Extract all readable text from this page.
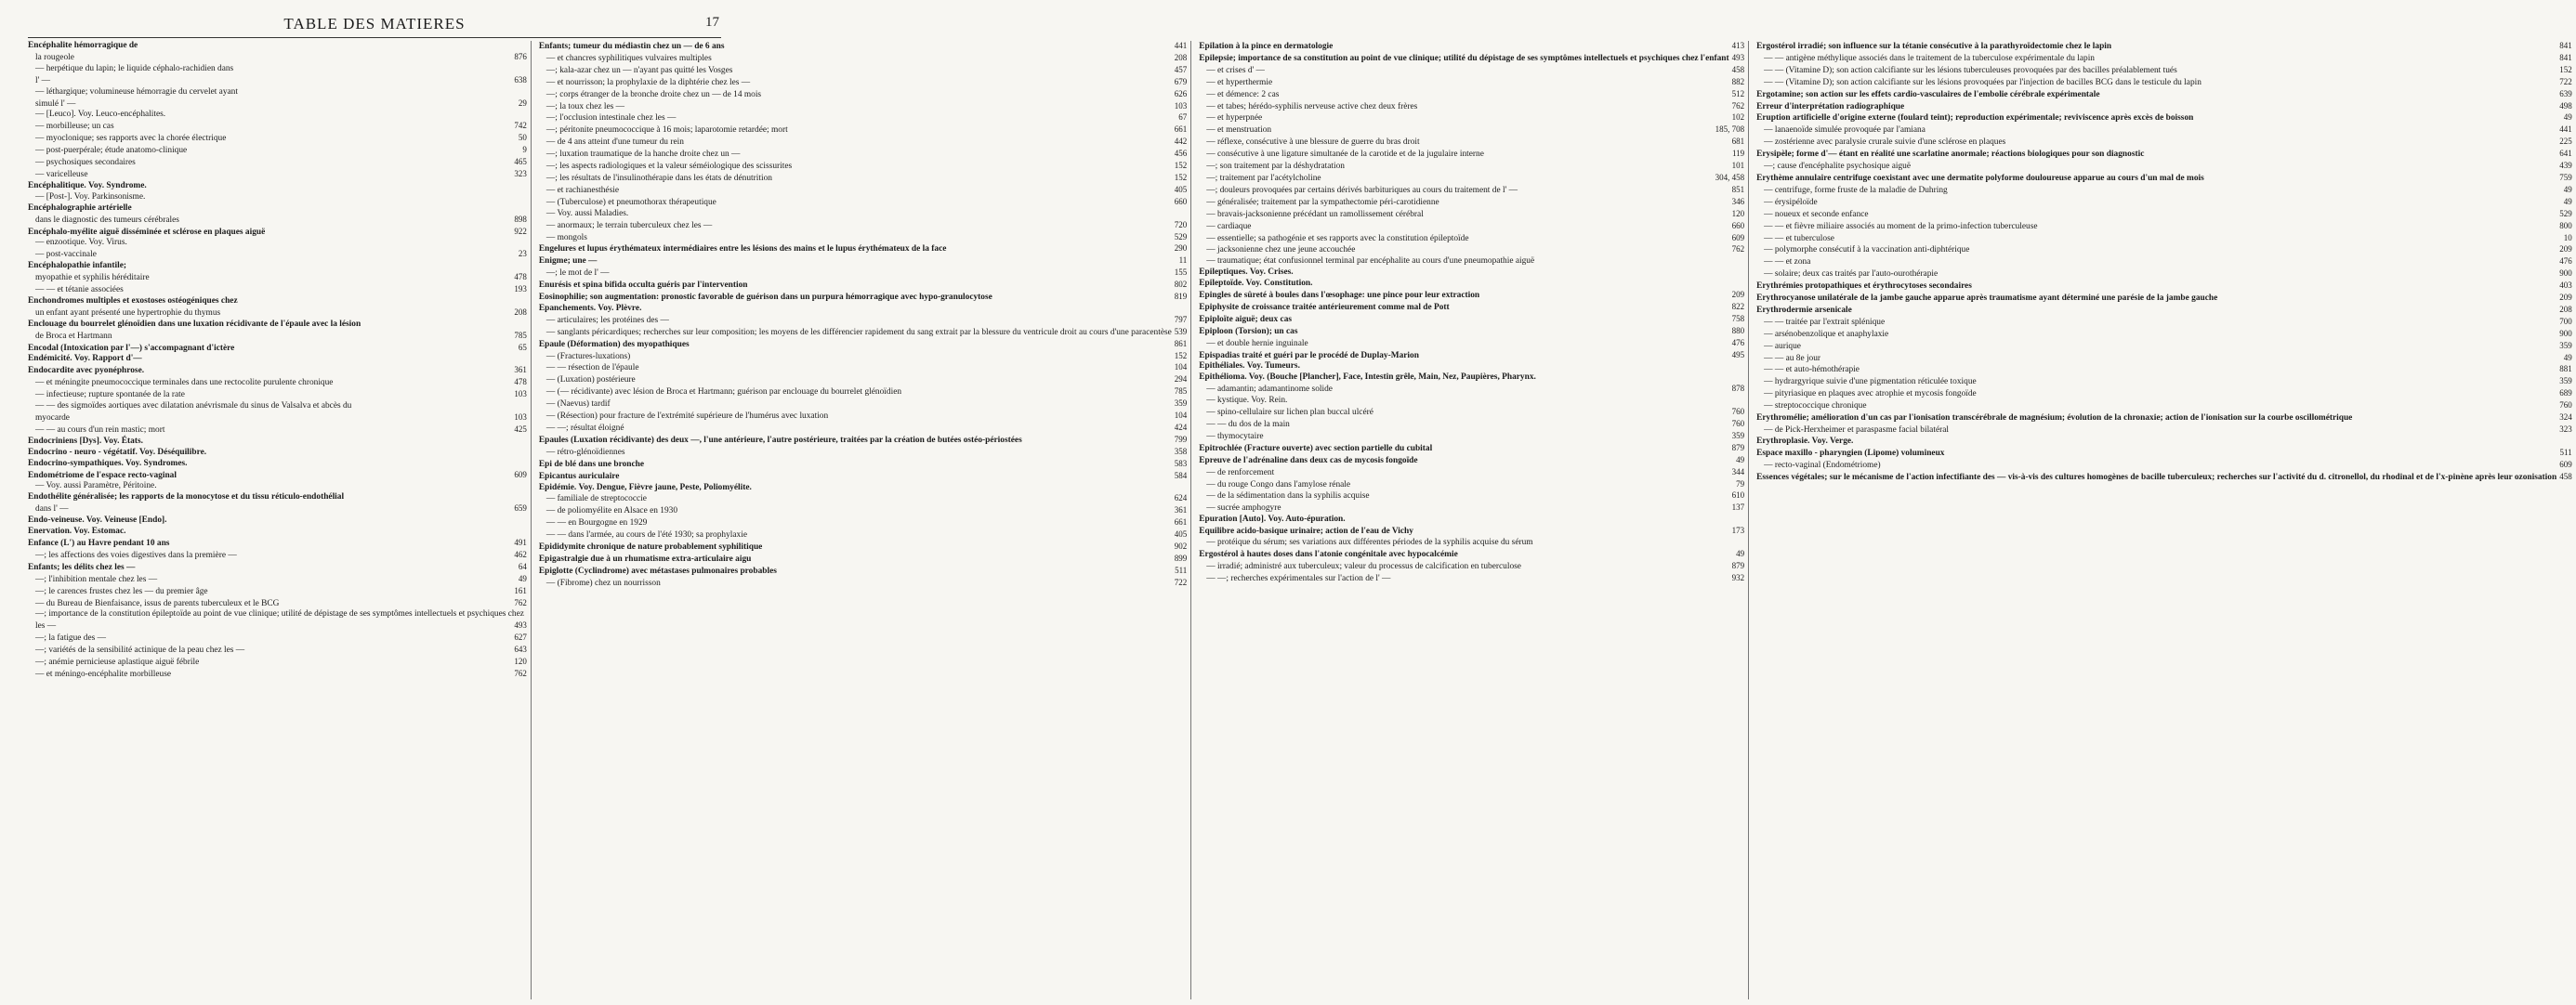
TABLE DES MATIERES	17
Encéphalite hémorragique de
la rougeole	876
— herpétique du lapin; le liquide céphalo-rachidien dans
l' —	638
— léthargique; volumineuse hémorragie du cervelet ayant
simulé l' —	29
— [Leuco]. Voy. Leuco-encéphalites.
— morbilleuse; un cas	742
— myoclonique; ses rapports avec la chorée électrique	50
— post-puerpérale; étude anatomo-clinique	9
— psychosiques secondaires	465
— varicelleuse	323
Encéphalitique. Voy. Syndrome.
— [Post-]. Voy. Parkinsonisme.
Encéphalographie artérielle
dans le diagnostic des tumeurs cérébrales	898
Encéphalo-myélite aiguë disséminée et sclérose en plaques aiguë	922
— enzootique. Voy. Virus.
— post-vaccinale	23
Encéphalopathie infantile;
myopathie et syphilis héréditaire	478
— — et tétanie associées	193
Enchondromes multiples et exostoses ostéogéniques chez
un enfant ayant présenté une hypertrophie du thymus	208
Enclouage du bourrelet glénoïdien dans une luxation récidivante de l'épaule avec la lésion
de Broca et Hartmann	785
Encodal (Intoxication par l'—) s'accompagnant d'ictère	65
Endémicité. Voy. Rapport d'—
Endocardite avec pyonéphrose.	361
— et méningite pneumococcique terminales dans une rectocolite purulente chronique	478
— infectieuse; rupture spontanée de la rate	103
— — des sigmoïdes aortiques avec dilatation anévrismale du sinus de Valsalva et abcès du
myocarde	103
— — au cours d'un rein mastic; mort	425
Endocriniens [Dys]. Voy. États.
Endocrino - neuro - végétatif. Voy. Déséquilibre.
Endocrino-sympathiques. Voy. Syndromes.
Endométriome de l'espace recto-vaginal	609
— Voy. aussi Paramètre, Péritoine.
Endothélite généralisée; les rapports de la monocytose et du tissu réticulo-endothélial
dans l' —	659
Endo-veineuse. Voy. Veineuse [Endo].
Enervation. Voy. Estomac.
Enfance (L') au Havre pendant 10 ans	491
—; les affections des voies digestives dans la première —	462
Enfants; les délits chez les —	64
—; l'inhibition mentale chez les —	49
—; le carences frustes chez les — du premier âge	161
— du Bureau de Bienfaisance, issus de parents tuberculeux et le BCG	762
—; importance de la constitution épileptoïde au point de vue clinique; utilité de dépistage de ses symptômes intellectuels et psychiques chez
les —	493
—; la fatigue des —	627
—; variétés de la sensibilité actinique de la peau chez les —	643
—; anémie pernicieuse aplastique aiguë fébrile	120
— et méningo-encéphalite morbilleuse	762
Enfants; tumeur du médiastin chez un — de 6 ans	441
— et chancres syphilitiques vulvaires multiples	208
—; kala-azar chez un — n'ayant pas quitté les Vosges	457
— et nourrisson; la prophylaxie de la diphtérie chez les —	679
—; corps étranger de la bronche droite chez un — de 14 mois	626
—; la toux chez les —	103
—; l'occlusion intestinale chez les —	67
—; péritonite pneumococcique à 16 mois; laparotomie retardée; mort	661
— de 4 ans atteint d'une tumeur du rein	442
—; luxation traumatique de la hanche droite chez un —	456
—; les aspects radiologiques et la valeur séméiologique des scissurites	152
—; les résultats de l'insulinothérapie dans les états de dénutrition	152
— et rachianesthésie	405
— (Tuberculose) et pneumothorax thérapeutique	660
— Voy. aussi Maladies.
— anormaux; le terrain tuberculeux chez les —	720
— mongols	529
Engelures et lupus érythémateux intermédiaires entre les lésions des mains et le lupus érythémateux de la face	290
Enigme; une —	11
—; le mot de l' —	155
Enurésis et spina bifida occulta guéris par l'intervention	802
Eosinophilie; son augmentation: pronostic favorable de guérison dans un purpura hémorragique avec hypo-granulocytose	819
Epanchements. Voy. Plèvre.
— articulaires; les protéines des —	797
— sanglants péricardiques; recherches sur leur composition; les moyens de les différencier rapidement du sang extrait par la blessure du ventricule droit au cours d'une paracentèse 539
Epaule (Déformation) des myopathiques	861
— (Fractures-luxations)	152
— — résection de l'épaule	104
— (Luxation) postérieure	294
— (— récidivante) avec lésion de Broca et Hartmann; guérison par enclouage du bourrelet glénoïdien	785
— (Naevus) tardif	359
— (Résection) pour fracture de l'extrémité supérieure de l'humérus avec luxation	104
— —; résultat éloigné	424
Epaules (Luxation récidivante) des deux —, l'une antérieure, l'autre postérieure, traitées par la création de butées ostéo-périostées	799
— rétro-glénoïdiennes	358
Epi de blé dans une bronche	583
Epicantus auriculaire	584
Epidémie. Voy. Dengue, Fièvre jaune, Peste, Poliomyélite.
— familiale de streptococcie	624
— de poliomyélite en Alsace en 1930	361
— — en Bourgogne en 1929	661
— — dans l'armée, au cours de l'été 1930; sa prophylaxie	405
Epididymite chronique de nature probablement syphilitique	902
Epigastralgie due à un rhumatisme extra-articulaire aigu	899
Epiglotte (Cyclindrome) avec métastases pulmonaires probables	511
— (Fibrome) chez un nourrisson	722
Epilation à la pince en dermatologie	413
Epilepsie; importance de sa constitution au point de vue clinique; utilité du dépistage de ses symptômes intellectuels et psychiques chez l'enfant 493
— et crises d' —	458
— et hyperthermie	882
— et démence: 2 cas	512
— et tabes; hérédo-syphilis nerveuse active chez deux frères	762
— et hyperpnée	102
— et menstruation	185, 708
— réflexe, consécutive à une blessure de guerre du bras droit	681
— consécutive à une ligature simultanée de la carotide et de la jugulaire interne	119
—; son traitement par la déshydratation	101
—; traitement par l'acétylcholine	304, 458
—; douleurs provoquées par certains dérivés barbituriques au cours du traitement de l' —	851
— généralisée; traitement par la sympathectomie péri-carotidienne	346
— bravais-jacksonienne précédant un ramollissement cérébral	120
— cardiaque	660
— essentielle; sa pathogénie et ses rapports avec la constitution épileptoïde	609
— jacksonienne chez une jeune accouchée	762
— traumatique; état confusionnel terminal par encéphalite au cours d'une pneumopathie aiguë
Epileptiques. Voy. Crises.
Epileptoïde. Voy. Constitution.
Epingles de sûreté à boules dans l'œsophage: une pince pour leur extraction	209
Epiphysite de croissance traitée antérieurement comme mal de Pott	822
Epiploïte aiguë; deux cas	758
Epiploon (Torsion); un cas	880
— et double hernie inguinale	476
Epispadias traité et guéri par le procédé de Duplay-Marion	495
Epithéliales. Voy. Tumeurs.
Epithélioma. Voy. (Bouche [Plancher], Face, Intestin grêle, Main, Nez, Paupières, Pharynx.
— adamantin; adamantinome solide	878
— kystique. Voy. Rein.
— spino-cellulaire sur lichen plan buccal ulcéré	760
— — du dos de la main	760
— thymocytaire	359
Epitrochlée (Fracture ouverte) avec section partielle du cubital	879
Epreuve de l'adrénaline dans deux cas de mycosis fongoïde	49
— de renforcement	344
— du rouge Congo dans l'amylose rénale	79
— de la sédimentation dans la syphilis acquise	610
— sucrée amphogyre	137
Epuration [Auto]. Voy. Auto-épuration.
Equilibre acido-basique urinaire; action de l'eau de Vichy	173
— protéique du sérum; ses variations aux différentes périodes de la syphilis acquise du sérum
Ergostérol à hautes doses dans l'atonie congénitale avec hypocalcémie	49
— irradié; administré aux tuberculeux; valeur du processus de calcification en tuberculose	879
— —; recherches expérimentales sur l'action de l' —	932
Ergostérol irradié; son influence sur la tétanie consécutive à la parathyroïdectomie chez le lapin	841
— — antigène méthylique associés dans le traitement de la tuberculose expérimentale du lapin	841
— — (Vitamine D); son action calcifiante sur les lésions tuberculeuses provoquées par des bacilles préalablement tués	152
— — (Vitamine D); son action calcifiante sur les lésions provoquées par l'injection de bacilles BCG dans le testicule du lapin	722
Ergotamine; son action sur les effets cardio-vasculaires de l'embolie cérébrale expérimentale	639
Erreur d'interprétation radiographique	498
Eruption artificielle d'origine externe (foulard teint); reproduction expérimentale; reviviscence après excès de boisson	49
— lanaenoïde simulée provoquée par l'amiana	441
— zostérienne avec paralysie crurale suivie d'une sclérose en plaques	225
Erysipèle; forme d'— étant en réalité une scarlatine anormale; réactions biologiques pour son diagnostic	641
—; cause d'encéphalite psychosique aiguë	439
Erythème annulaire centrifuge coexistant avec une dermatite polyforme douloureuse apparue au cours d'un mal de mois	759
— centrifuge, forme fruste de la maladie de Duhring	49
— érysipéloïde	49
— noueux et seconde enfance	529
— — et fièvre miliaire associés au moment de la primo-infection tuberculeuse	800
— — et tuberculose	10
— polymorphe consécutif à la vaccination anti-diphtérique	209
— — et zona	476
— solaire; deux cas traités par l'auto-ourothérapie	900
Erythrémies protopathiques et érythrocytoses secondaires	403
Erythrocyanose unilatérale de la jambe gauche apparue après traumatisme ayant déterminé une parésie de la jambe gauche	209
Erythrodermie arsenicale	208
— — traitée par l'extrait splénique	700
— arsénobenzolique et anaphylaxie	900
— aurique	359
— — au 8e jour	49
— — et auto-hémothérapie	881
— hydrargyrique suivie d'une pigmentation réticulée toxique	359
— pityriasique en plaques avec atrophie et mycosis fongoïde	689
— streptococcique chronique	760
Erythromélie; amélioration d'un cas par l'ionisation transcérébrale de magnésium; évolution de la chronaxie; action de l'ionisation sur la courbe oscillométrique	324
— de Pick-Herxheimer et paraspasme facial bilatéral	323
Erythroplasie. Voy. Verge.
Espace maxillo - pharyngien (Lipome) volumineux	511
— recto-vaginal (Endométriome)	609
Essences végétales; sur le mécanisme de l'action infectifiante des — vis-à-vis des cultures homogènes de bacille tuberculeux; recherches sur l'activité du d. citronellol, du rhodinal et de l'x-pinène après leur ozonisation 458
